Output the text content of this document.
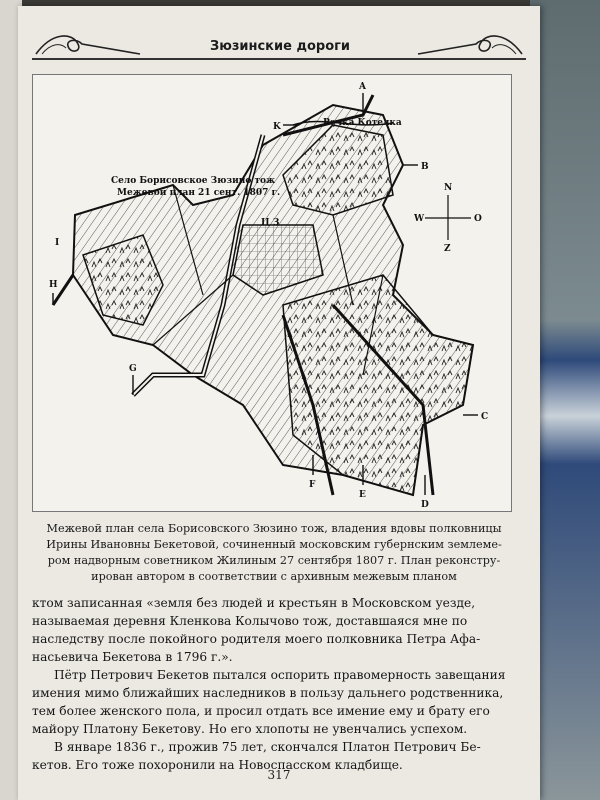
Зюзинские дороги
N
Z
W	O
Село Борисовское Зюзино тож
Межевой план 21 сент. 1807 г.
Речка Котелка
Ц З
A
K
B
I
H
G
F
E
D
C
Межевой план села Борисовского Зюзино тож, владения вдовы полковницы
Ирины Ивановны Бекетовой, сочиненный московским губернским землеме-
ром надворным советником Жилиным 27 сентября 1807 г. План реконстру-
ирован автором в соответствии с архивным межевым планом
ктом записанная «земля без людей и крестьян в Московском уезде,
называемая деревня Кленкова Колычово тож, доставшаяся мне по
наследству после покойного родителя моего полковника Петра Афа-
насьевича Бекетова в 1796 г.».
Пётр Петрович Бекетов пытался оспорить правомерность завещания
имения мимо ближайших наследников в пользу дальнего родственника,
тем более женского пола, и просил отдать все имение ему и брату его
майору Платону Бекетову. Но его хлопоты не увенчались успехом.
В январе 1836 г., прожив 75 лет, скончался Платон Петрович Бе-
кетов. Его тоже похоронили на Новоспасском кладбище.
317
